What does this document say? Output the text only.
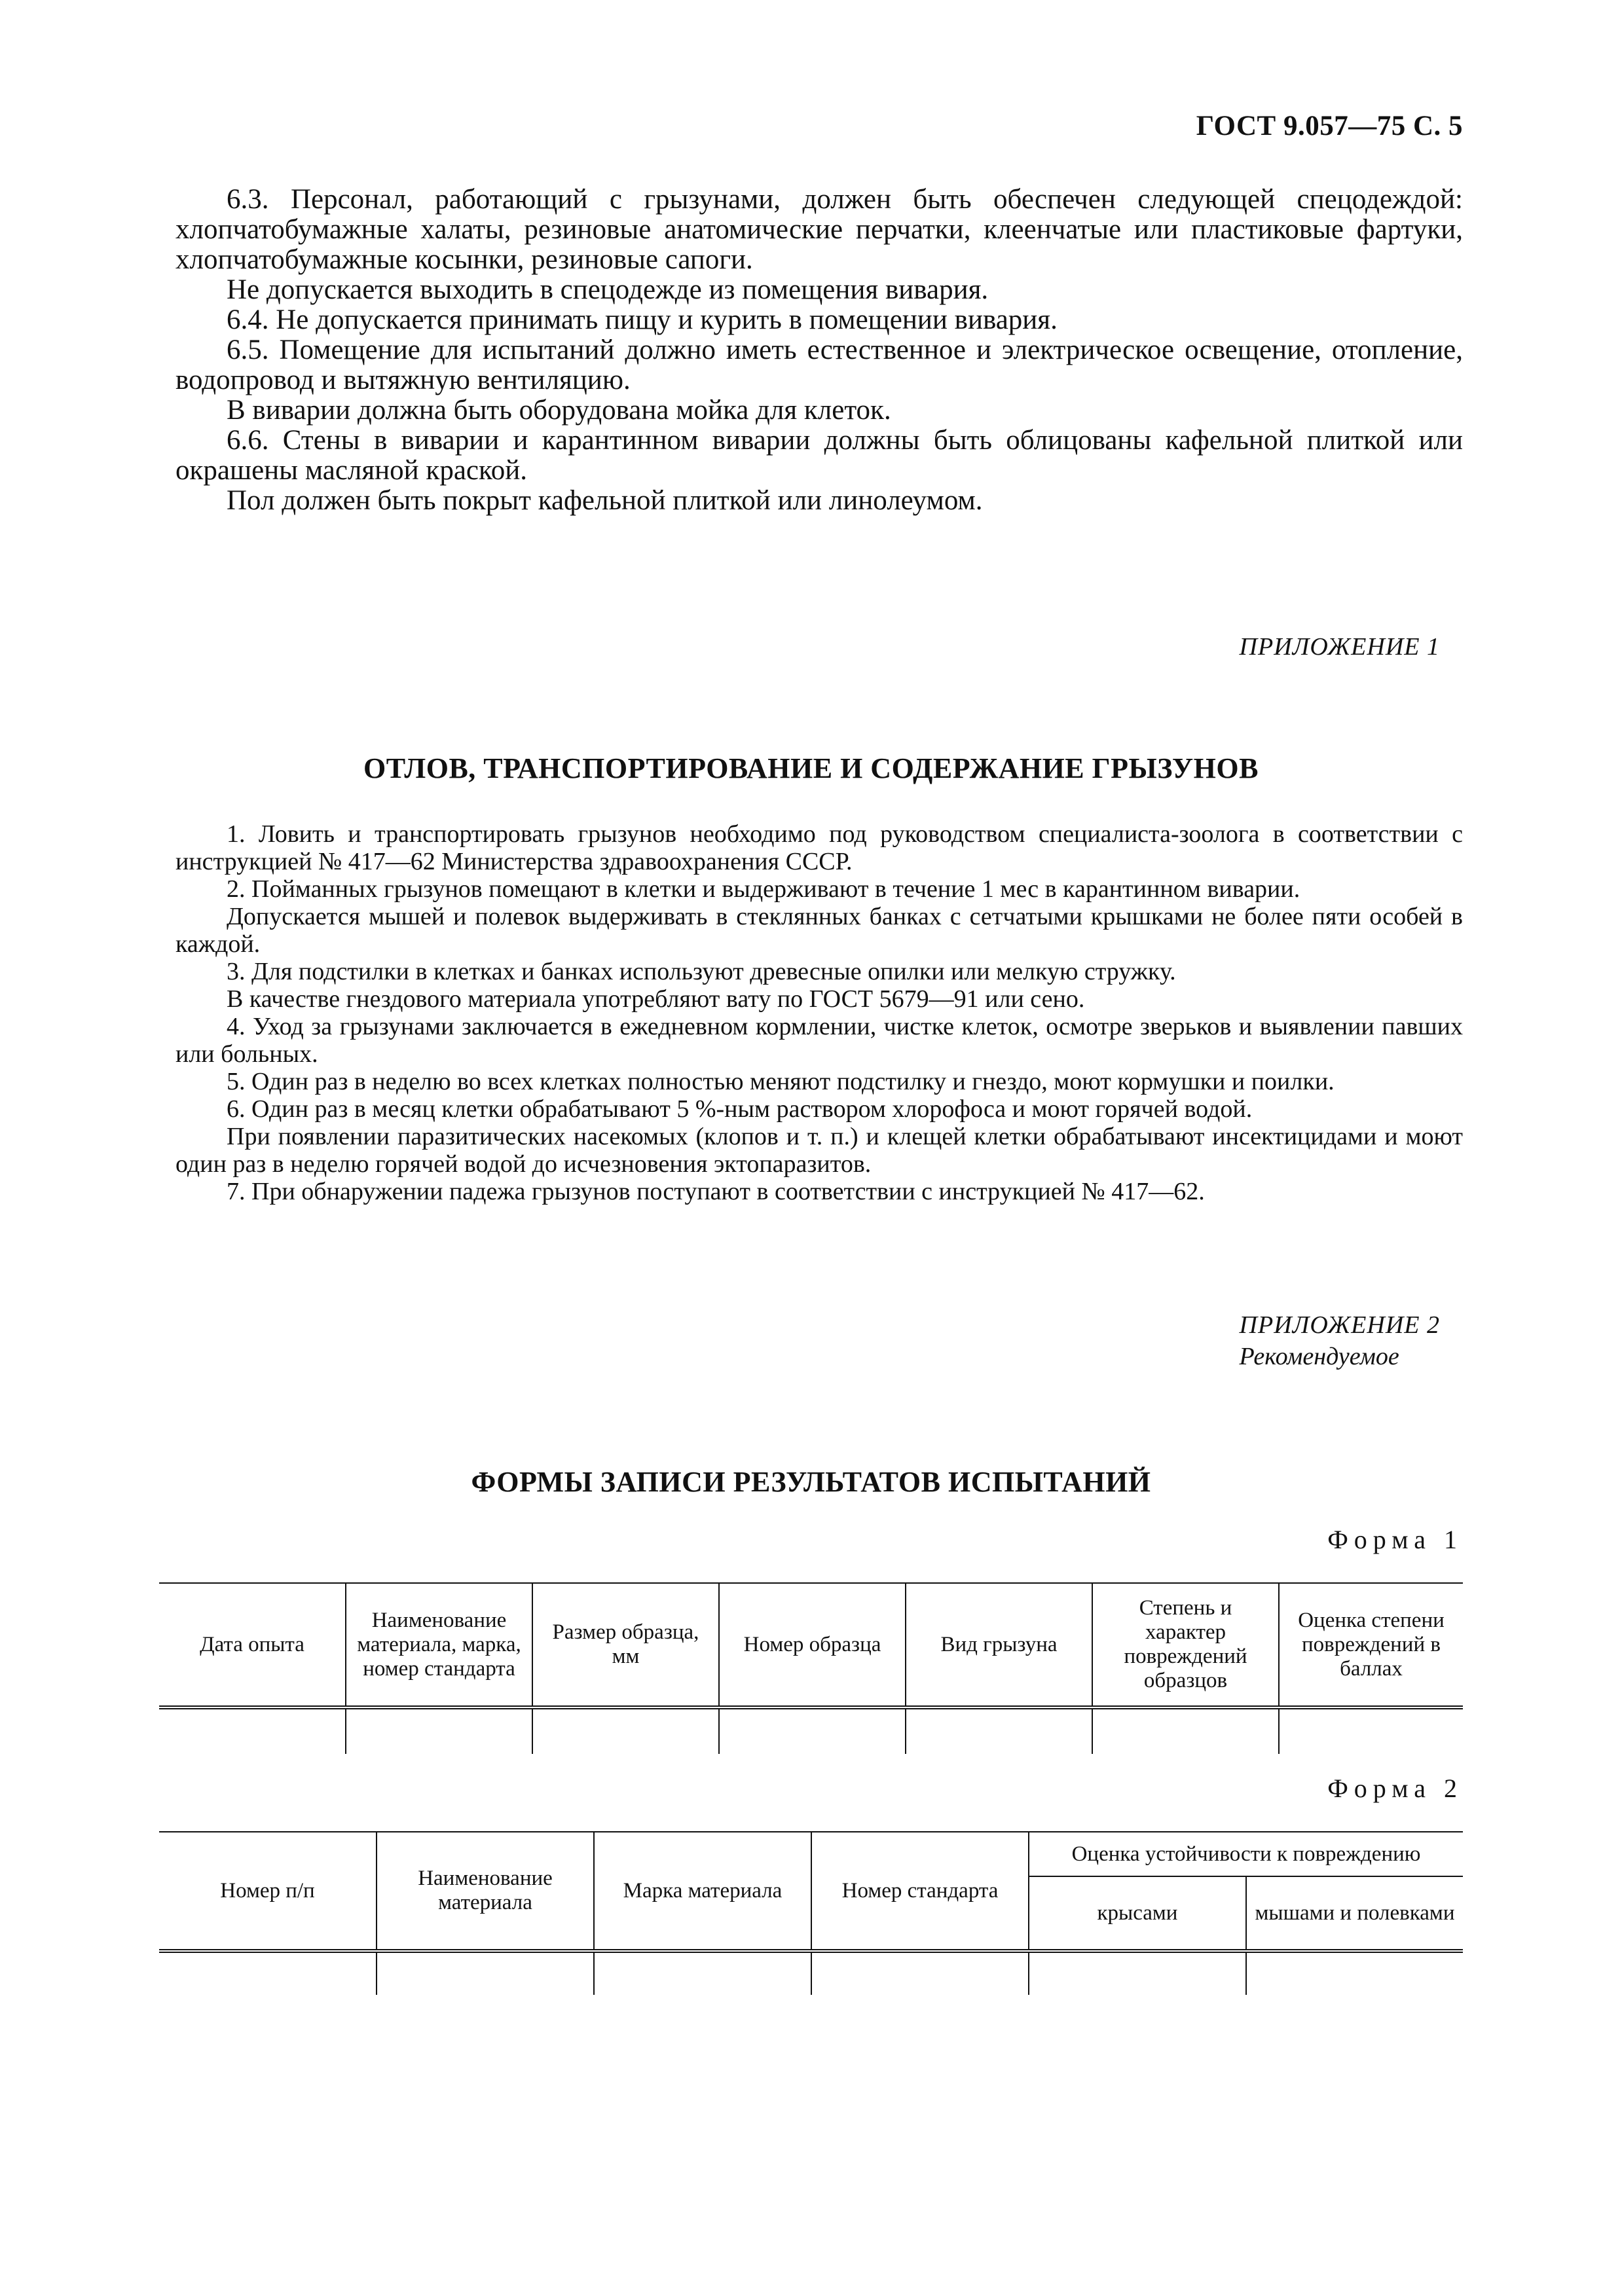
ГОСТ 9.057—75 С. 5

6.3. Персонал, работающий с грызунами, должен быть обеспечен следующей спецодеждой: хлопчатобумажные халаты, резиновые анатомические перчатки, клеенчатые или пластиковые фартуки, хлопчатобумажные косынки, резиновые сапоги.

Не допускается выходить в спецодежде из помещения вивария.

6.4. Не допускается принимать пищу и курить в помещении вивария.

6.5. Помещение для испытаний должно иметь естественное и электрическое освещение, отопление, водопровод и вытяжную вентиляцию.

В виварии должна быть оборудована мойка для клеток.

6.6. Стены в виварии и карантинном виварии должны быть облицованы кафельной плиткой или окрашены масляной краской.

Пол должен быть покрыт кафельной плиткой или линолеумом.

ПРИЛОЖЕНИЕ 1
ОТЛОВ, ТРАНСПОРТИРОВАНИЕ И СОДЕРЖАНИЕ ГРЫЗУНОВ

1. Ловить и транспортировать грызунов необходимо под руководством специалиста-зоолога в соответствии с инструкцией № 417—62 Министерства здравоохранения СССР.

2. Пойманных грызунов помещают в клетки и выдерживают в течение 1 мес в карантинном виварии.

Допускается мышей и полевок выдерживать в стеклянных банках с сетчатыми крышками не более пяти особей в каждой.

3. Для подстилки в клетках и банках используют древесные опилки или мелкую стружку.

В качестве гнездового материала употребляют вату по ГОСТ 5679—91 или сено.

4. Уход за грызунами заключается в ежедневном кормлении, чистке клеток, осмотре зверьков и выявлении павших или больных.

5. Один раз в неделю во всех клетках полностью меняют подстилку и гнездо, моют кормушки и поилки.

6. Один раз в месяц клетки обрабатывают 5 %-ным раствором хлорофоса и моют горячей водой.

При появлении паразитических насекомых (клопов и т. п.) и клещей клетки обрабатывают инсектицидами и моют один раз в неделю горячей водой до исчезновения эктопаразитов.

7. При обнаружении падежа грызунов поступают в соответствии с инструкцией № 417—62.

ПРИЛОЖЕНИЕ 2
Рекомендуемое
ФОРМЫ ЗАПИСИ РЕЗУЛЬТАТОВ ИСПЫТАНИЙ
Форма 1
Дата опыта	Наименование материала, марка, номер стандарта	Размер образца, мм	Номер образца	Вид грызуна	Степень и характер повреждений образцов	Оценка степени повреждений в баллах

Форма 2
Номер п/п	Наименование материала	Марка материала	Номер стандарта	Оценка устойчивости к повреждению	
				крысами	мышами и полевками
